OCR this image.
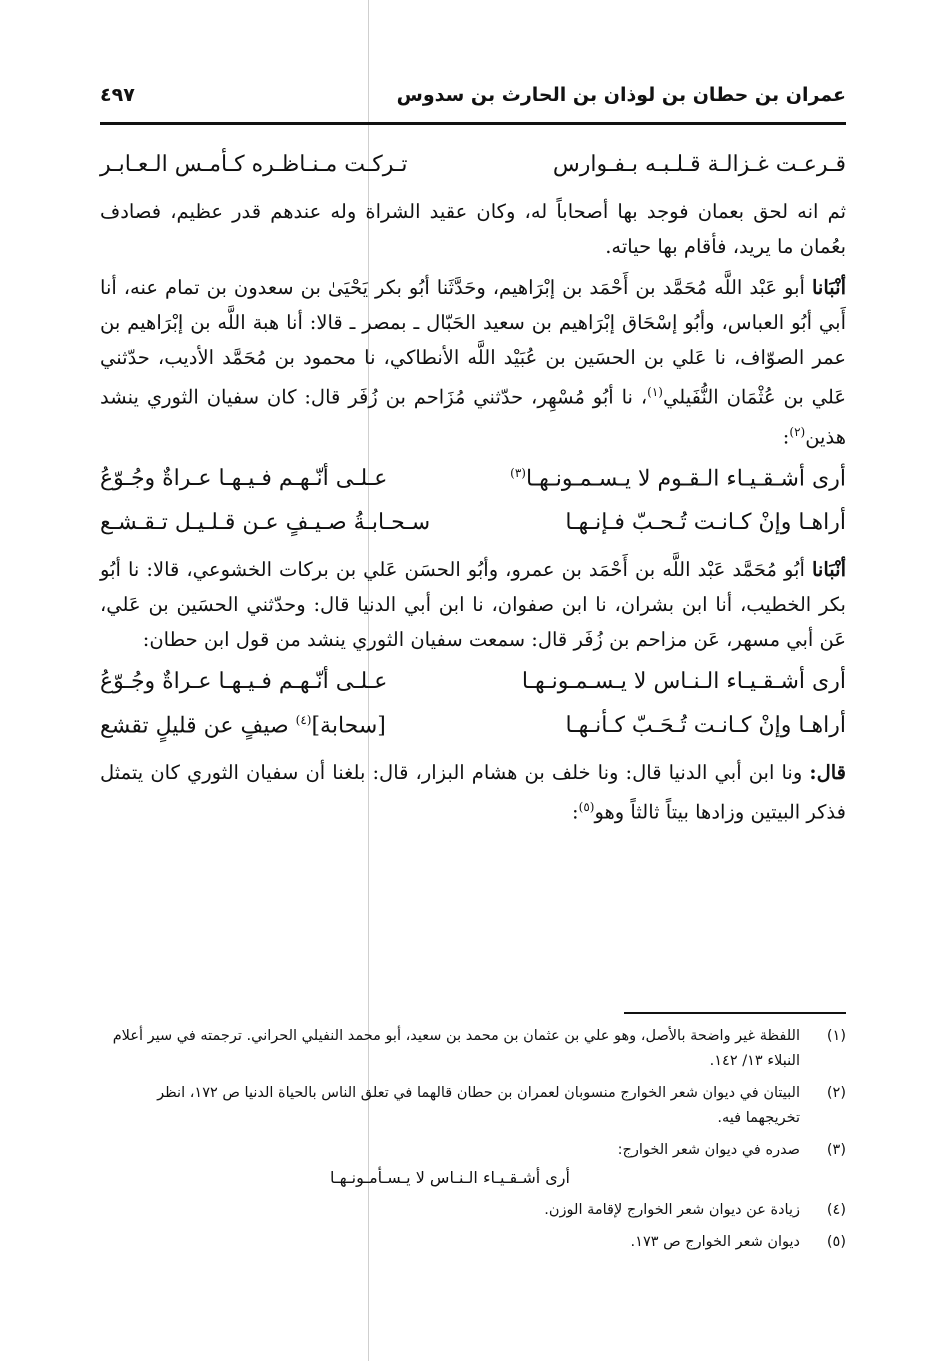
عمران بن حطان بن لوذان بن الحارث بن سدوس
٤٩٧
قـرعـت غـزالـة قـلـبـه بـفـوارس
تـركـت مـنـاظـره كـأمـس الـعـابـر

ثم انه لحق بعمان فوجد بها أصحاباً له، وكان عقيد الشراة وله عندهم قدر عظيم، فصادف بعُمان ما يريد، فأقام بها حياته.

أنْبَانا أبو عَبْد اللَّه مُحَمَّد بن أَحْمَد بن إبْرَاهيم، وحَدَّثَنا أبُو بكر يَحْيَىٰ بن سعدون بن تمام عنه، أنا أَبي أبُو العباس، وأبُو إسْحَاق إبْرَاهيم بن سعيد الحَبّال ـ بمصر ـ قالا: أنا هبة اللَّه بن إبْرَاهيم بن عمر الصوّاف، نا عَلي بن الحسَين بن عُبَيْد اللَّه الأنطاكي، نا محمود بن مُحَمَّد الأديب، حدّثني عَلي بن عُثْمَان النُّفَيلي$^{(١)}$، نا أبُو مُسْهِر، حدّثني مُزَاحم بن زُفَر قال: كان سفيان الثوري ينشد هذين$^{(٢)}$:

أرى أشـقـيـاء الـقـوم لا يـسـمـونـهـا$^{(٣)}$
عـلـى أنّـهـم فـيـهـا عـراةٌ وجُـوّعُ
أراهـا وإنْ كـانـت تُـحـبّ فـإنـهـا
سـحـابـةُ صـيـفٍ عـن قـلـيـل تـقـشـع

أنْبَانا أبُو مُحَمَّد عَبْد اللَّه بن أَحْمَد بن عمرو، وأبُو الحسَن عَلي بن بركات الخشوعي، قالا: نا أبُو بكر الخطيب، أنا ابن بشران، نا ابن صفوان، نا ابن أبي الدنيا قال: وحدّثني الحسَين بن عَلي، عَن أبي مسهر، عَن مزاحم بن زُفَر قال: سمعت سفيان الثوري ينشد من قول ابن حطان:

أرى أشـقـيـاء الـنـاس لا يـسـمـونـهـا
عـلـى أنّـهـم فـيـهـا عـراةٌ وجُـوّعُ
أراهـا وإنْ كـانـت تُـحَـبّ كـأنـهـا
[سحابة]$^{(٤)}$ صيفٍ عن قليلٍ تقشع

قال: ونا ابن أبي الدنيا قال: ونا خلف بن هشام البزار، قال: بلغنا أن سفيان الثوري كان يتمثل فذكر البيتين وزادها بيتاً ثالثاً وهو$^{(٥)}$:

(١)
اللفظة غير واضحة بالأصل، وهو علي بن عثمان بن محمد بن سعيد، أبو محمد النفيلي الحراني. ترجمته في سير أعلام النبلاء ١٣/ ١٤٢.
(٢)
البيتان في ديوان شعر الخوارج منسوبان لعمران بن حطان قالهما في تعلق الناس بالحياة الدنيا ص ١٧٢، انظر تخريجهما فيه.
(٣)
صدره في ديوان شعر الخوارج:
أرى أشـقـيـاء الـنـاس لا يـسـأمـونـهـا
(٤)
زيادة عن ديوان شعر الخوارج لإقامة الوزن.
(٥)
ديوان شعر الخوارج ص ١٧٣.
